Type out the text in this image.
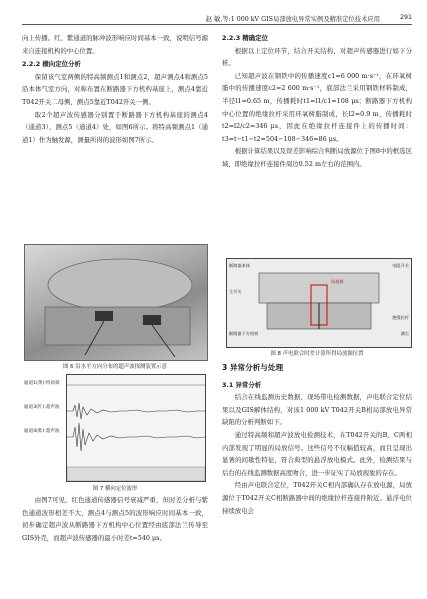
赵 敏,等:1 000 kV GIS局部放电异常实例及精准定位技术应用	291

向上传播。红、紫通道的脉冲波形响应时间基本一致，说明信号源来自连接机构的中心位置。

2.2.2 横向定位分析

保留该气室两侧的特高频测点1和测点2，超声测点4和测点5沿本体气室方向，对称布置在断路器下方机构基座上，测点4靠近T042开关二母侧，测点5靠近T042开关一侧。

取2个超声波传感器分别置于断路器下方机构基座的测点4（通道3）、测点5（通道4）处，如图6所示。将特高频测点1（通道1）作为触发源，测量所得的波形如图7所示。

图 6 沿水平方向分布的超声波探测装置示意
通道1(黄):特高频
通道3(红):超声波
通道4(紫):超声波
图 7 横向定位波形

由图7可见，红色通道传感器信号衰减严重，但时差分析与紫色通道波形相差不大，测点4与测点5的波形响应时间基本一致，初步确定超声波从断路器下方机构中心位置经由底部法兰传导至GIS外壳，而超声波传感器的最小时差t=540 μs。

2.2.3 精确定位

根据以上定位环节，结合开关结构，对超声传感器进行如下分析。

已知超声波在钢铁中的传播速度c1=6 000 m·s⁻¹，在环氧树脂中的传播速度c2=2 600 m·s⁻¹，底部法兰采用钢铁材料制成，半径l1=0.65 m，传播耗时t1=l1/c1=108 μs；断路器下方机构中心位置的绝缘拉杆采用环氧树脂制成，长l2=0.9 m，传播耗时t2=l2/c2=346 μs，因此在绝缘拉杆连接件上的传播时间：t3=t−t1−t2=504−108−346=86 μs。

根据计算结果以及误差影响综合判断局放源位于图8中的框选区域，即绝缘拉杆连接件周边0.52 m左右的范围内。

断路器本体
主开关
电阻开关
断路器下方机构
绝缘拉杆
测点
局放源
图 8 声电联合时差计算所得局放源位置
3 异常分析与处理
3.1 异常分析

结合在线监测历史数据、现场带电检测数据，声电联合定位结果以及GIS解体结构，对该1 000 kV T042开关B相局部放电异常缺陷的分析判断如下。

通过特高频和超声波放电检测技术，在T042开关的B、C两相内部发现了明显的局放信号。这些信号不仅幅值较高，而且呈现出显著的间歇性特征，符合典型的悬浮放电模式。此外，检测结果与后台的在线监测数据高度吻合，进一步证实了局放现象的存在。

经由声电联合定位，T042开关C相内部确认存在放电源，局放源位于T042开关C相断路器中间的绝缘拉杆连接件附近。悬浮电位持续放电会
